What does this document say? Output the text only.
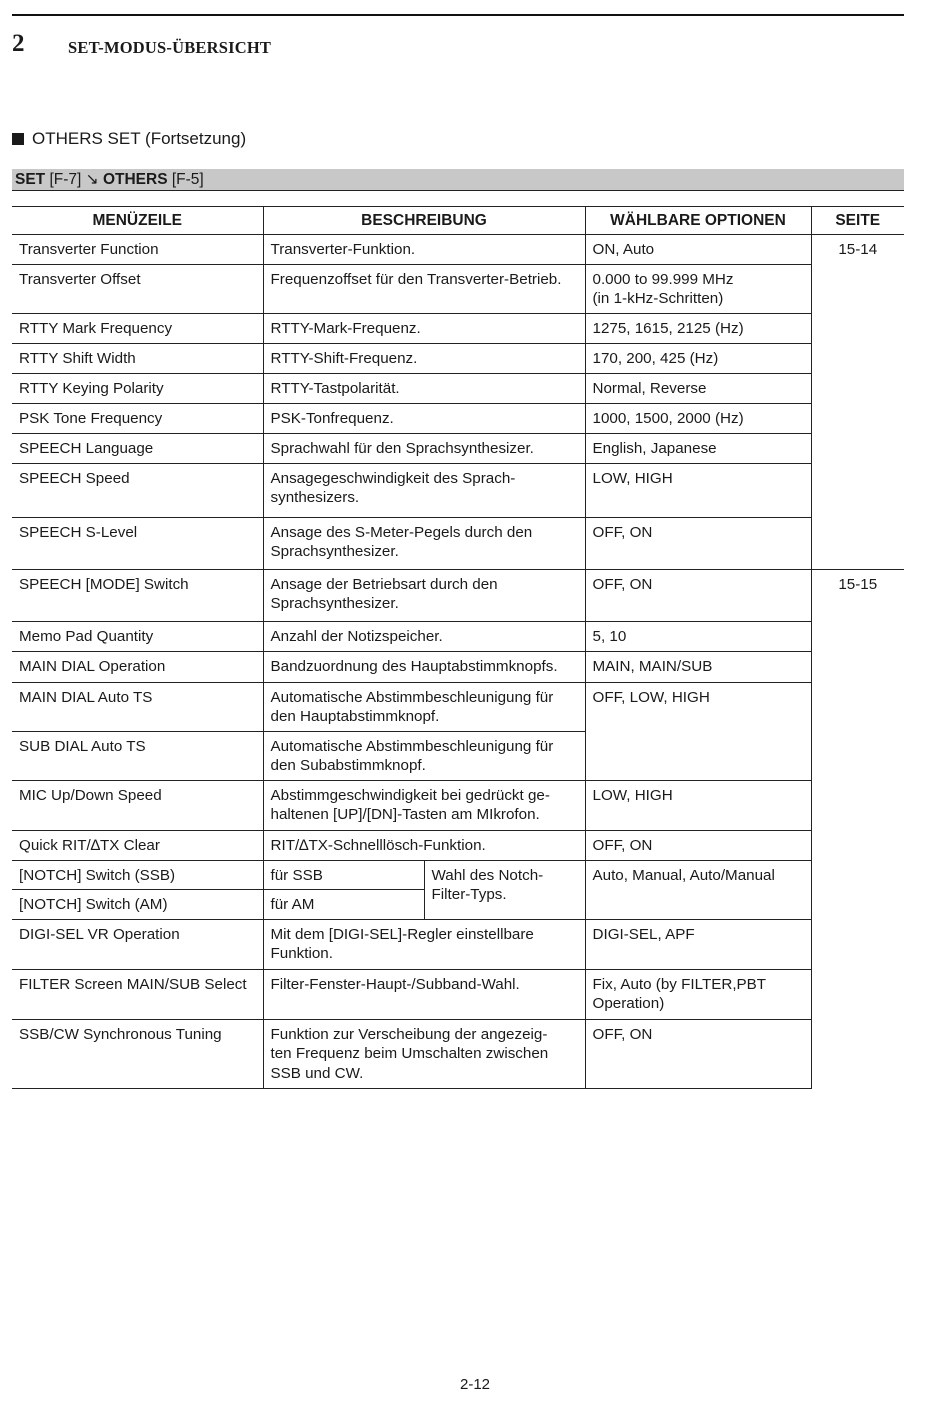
2	SET-MODUS-ÜBERSICHT
OTHERS SET (Fortsetzung)
SET [F-7] ↘ OTHERS [F-5]
MENÜZEILE	BESCHREIBUNG		WÄHLBARE OPTIONEN	SEITE
Transverter Function	Transverter-Funktion.		ON, Auto	15-14
Transverter Offset	Frequenzoffset für den Transverter-Betrieb.		0.000 to 99.999 MHz
(in 1-kHz-Schritten)	
RTTY Mark Frequency	RTTY-Mark-Frequenz.		1275, 1615, 2125 (Hz)	
RTTY Shift Width	RTTY-Shift-Frequenz.		170, 200, 425 (Hz)	
RTTY Keying Polarity	RTTY-Tastpolarität.		Normal, Reverse	
PSK Tone Frequency	PSK-Tonfrequenz.		1000, 1500, 2000 (Hz)	
SPEECH Language	Sprachwahl für den Sprachsynthesizer.		English, Japanese	
SPEECH Speed	Ansagegeschwindigkeit des Sprach-
synthesizers.		LOW, HIGH	
SPEECH S-Level	Ansage des S-Meter-Pegels durch den
Sprachsynthesizer.		OFF, ON	
SPEECH [MODE] Switch	Ansage der Betriebsart durch den
Sprachsynthesizer.		OFF, ON	15-15
Memo Pad Quantity	Anzahl der Notizspeicher.		5, 10	
MAIN DIAL Operation	Bandzuordnung des Hauptabstimmknopfs.		MAIN, MAIN/SUB	
MAIN DIAL Auto TS	Automatische Abstimmbeschleunigung für
den Hauptabstimmknopf.		OFF, LOW, HIGH	
SUB DIAL Auto TS	Automatische Abstimmbeschleunigung für
den Subabstimmknopf.			
MIC Up/Down Speed	Abstimmgeschwindigkeit bei gedrückt ge-
haltenen [UP]/[DN]-Tasten am MIkrofon.		LOW, HIGH	
Quick RIT/∆TX Clear	RIT/∆TX-Schnelllösch-Funktion.		OFF, ON	
[NOTCH] Switch (SSB)	für SSB	Wahl des Notch-
Filter-Typs.	Auto, Manual, Auto/Manual	
[NOTCH] Switch (AM)	für AM			
DIGI-SEL VR Operation	Mit dem [DIGI-SEL]-Regler einstellbare
Funktion.		DIGI-SEL, APF	
FILTER Screen MAIN/SUB Select	Filter-Fenster-Haupt-/Subband-Wahl.		Fix, Auto (by FILTER,PBT
Operation)	
SSB/CW Synchronous Tuning	Funktion zur Verscheibung der angezeig-
ten Frequenz beim Umschalten zwischen
SSB und CW.		OFF, ON	
2-12
